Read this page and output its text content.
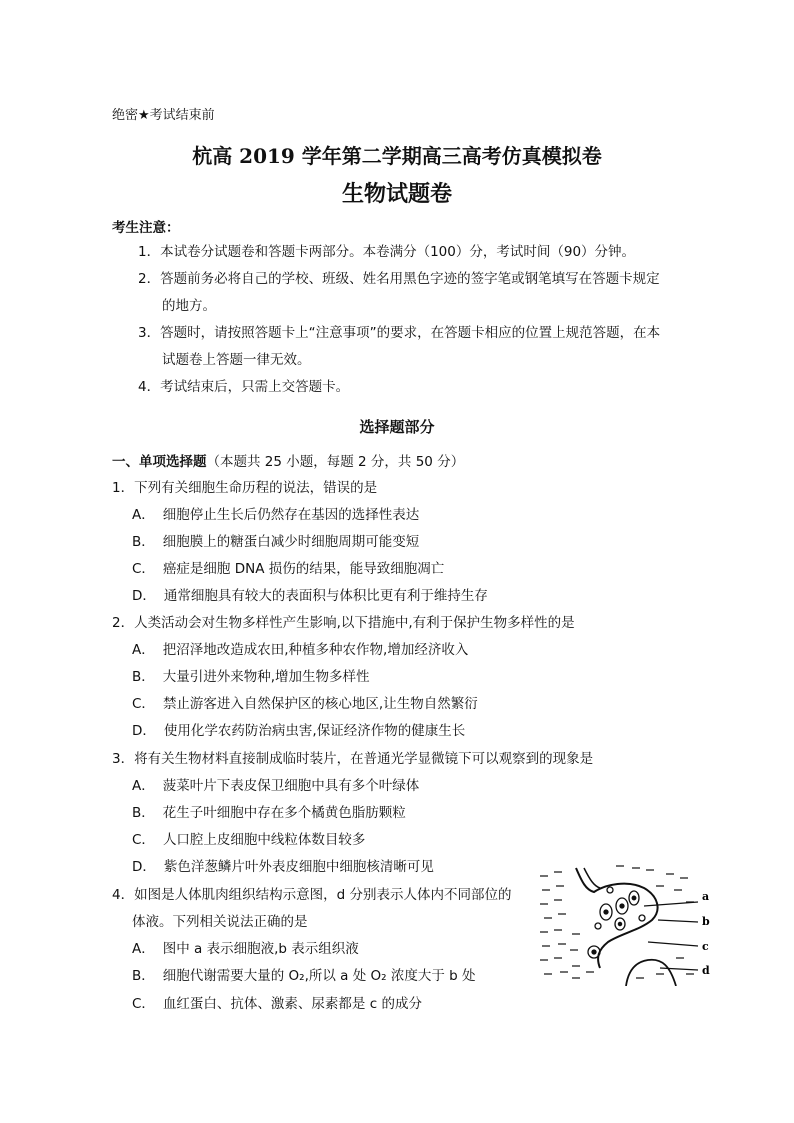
绝密★考试结束前
杭高 2019 学年第二学期高三高考仿真模拟卷
生物试题卷
考生注意：
1．本试卷分试题卷和答题卡两部分。本卷满分（100）分，考试时间（90）分钟。
2．答题前务必将自己的学校、班级、姓名用黑色字迹的签字笔或钢笔填写在答题卡规定
的地方。
3．答题时，请按照答题卡上“注意事项”的要求，在答题卡相应的位置上规范答题，在本
试题卷上答题一律无效。
4．考试结束后，只需上交答题卡。
选择题部分
一、单项选择题（本题共 25 小题，每题 2 分，共 50 分）
1．下列有关细胞生命历程的说法，错误的是
A． 细胞停止生长后仍然存在基因的选择性表达
B． 细胞膜上的糖蛋白减少时细胞周期可能变短
C． 癌症是细胞 DNA 损伤的结果，能导致细胞凋亡
D． 通常细胞具有较大的表面积与体积比更有利于维持生存
2．人类活动会对生物多样性产生影响,以下措施中,有利于保护生物多样性的是
A． 把沼泽地改造成农田,种植多种农作物,增加经济收入
B． 大量引进外来物种,增加生物多样性
C． 禁止游客进入自然保护区的核心地区,让生物自然繁衍
D． 使用化学农药防治病虫害,保证经济作物的健康生长
3．将有关生物材料直接制成临时装片，在普通光学显微镜下可以观察到的现象是
A． 菠菜叶片下表皮保卫细胞中具有多个叶绿体
B． 花生子叶细胞中存在多个橘黄色脂肪颗粒
C． 人口腔上皮细胞中线粒体数目较多
D． 紫色洋葱鳞片叶外表皮细胞中细胞核清晰可见
4．如图是人体肌肉组织结构示意图，d 分别表示人体内不同部位的
体液。下列相关说法正确的是
A． 图中 a 表示细胞液,b 表示组织液
B． 细胞代谢需要大量的 O₂,所以 a 处 O₂ 浓度大于 b 处
C． 血红蛋白、抗体、激素、尿素都是 c 的成分
a
b
c
d
